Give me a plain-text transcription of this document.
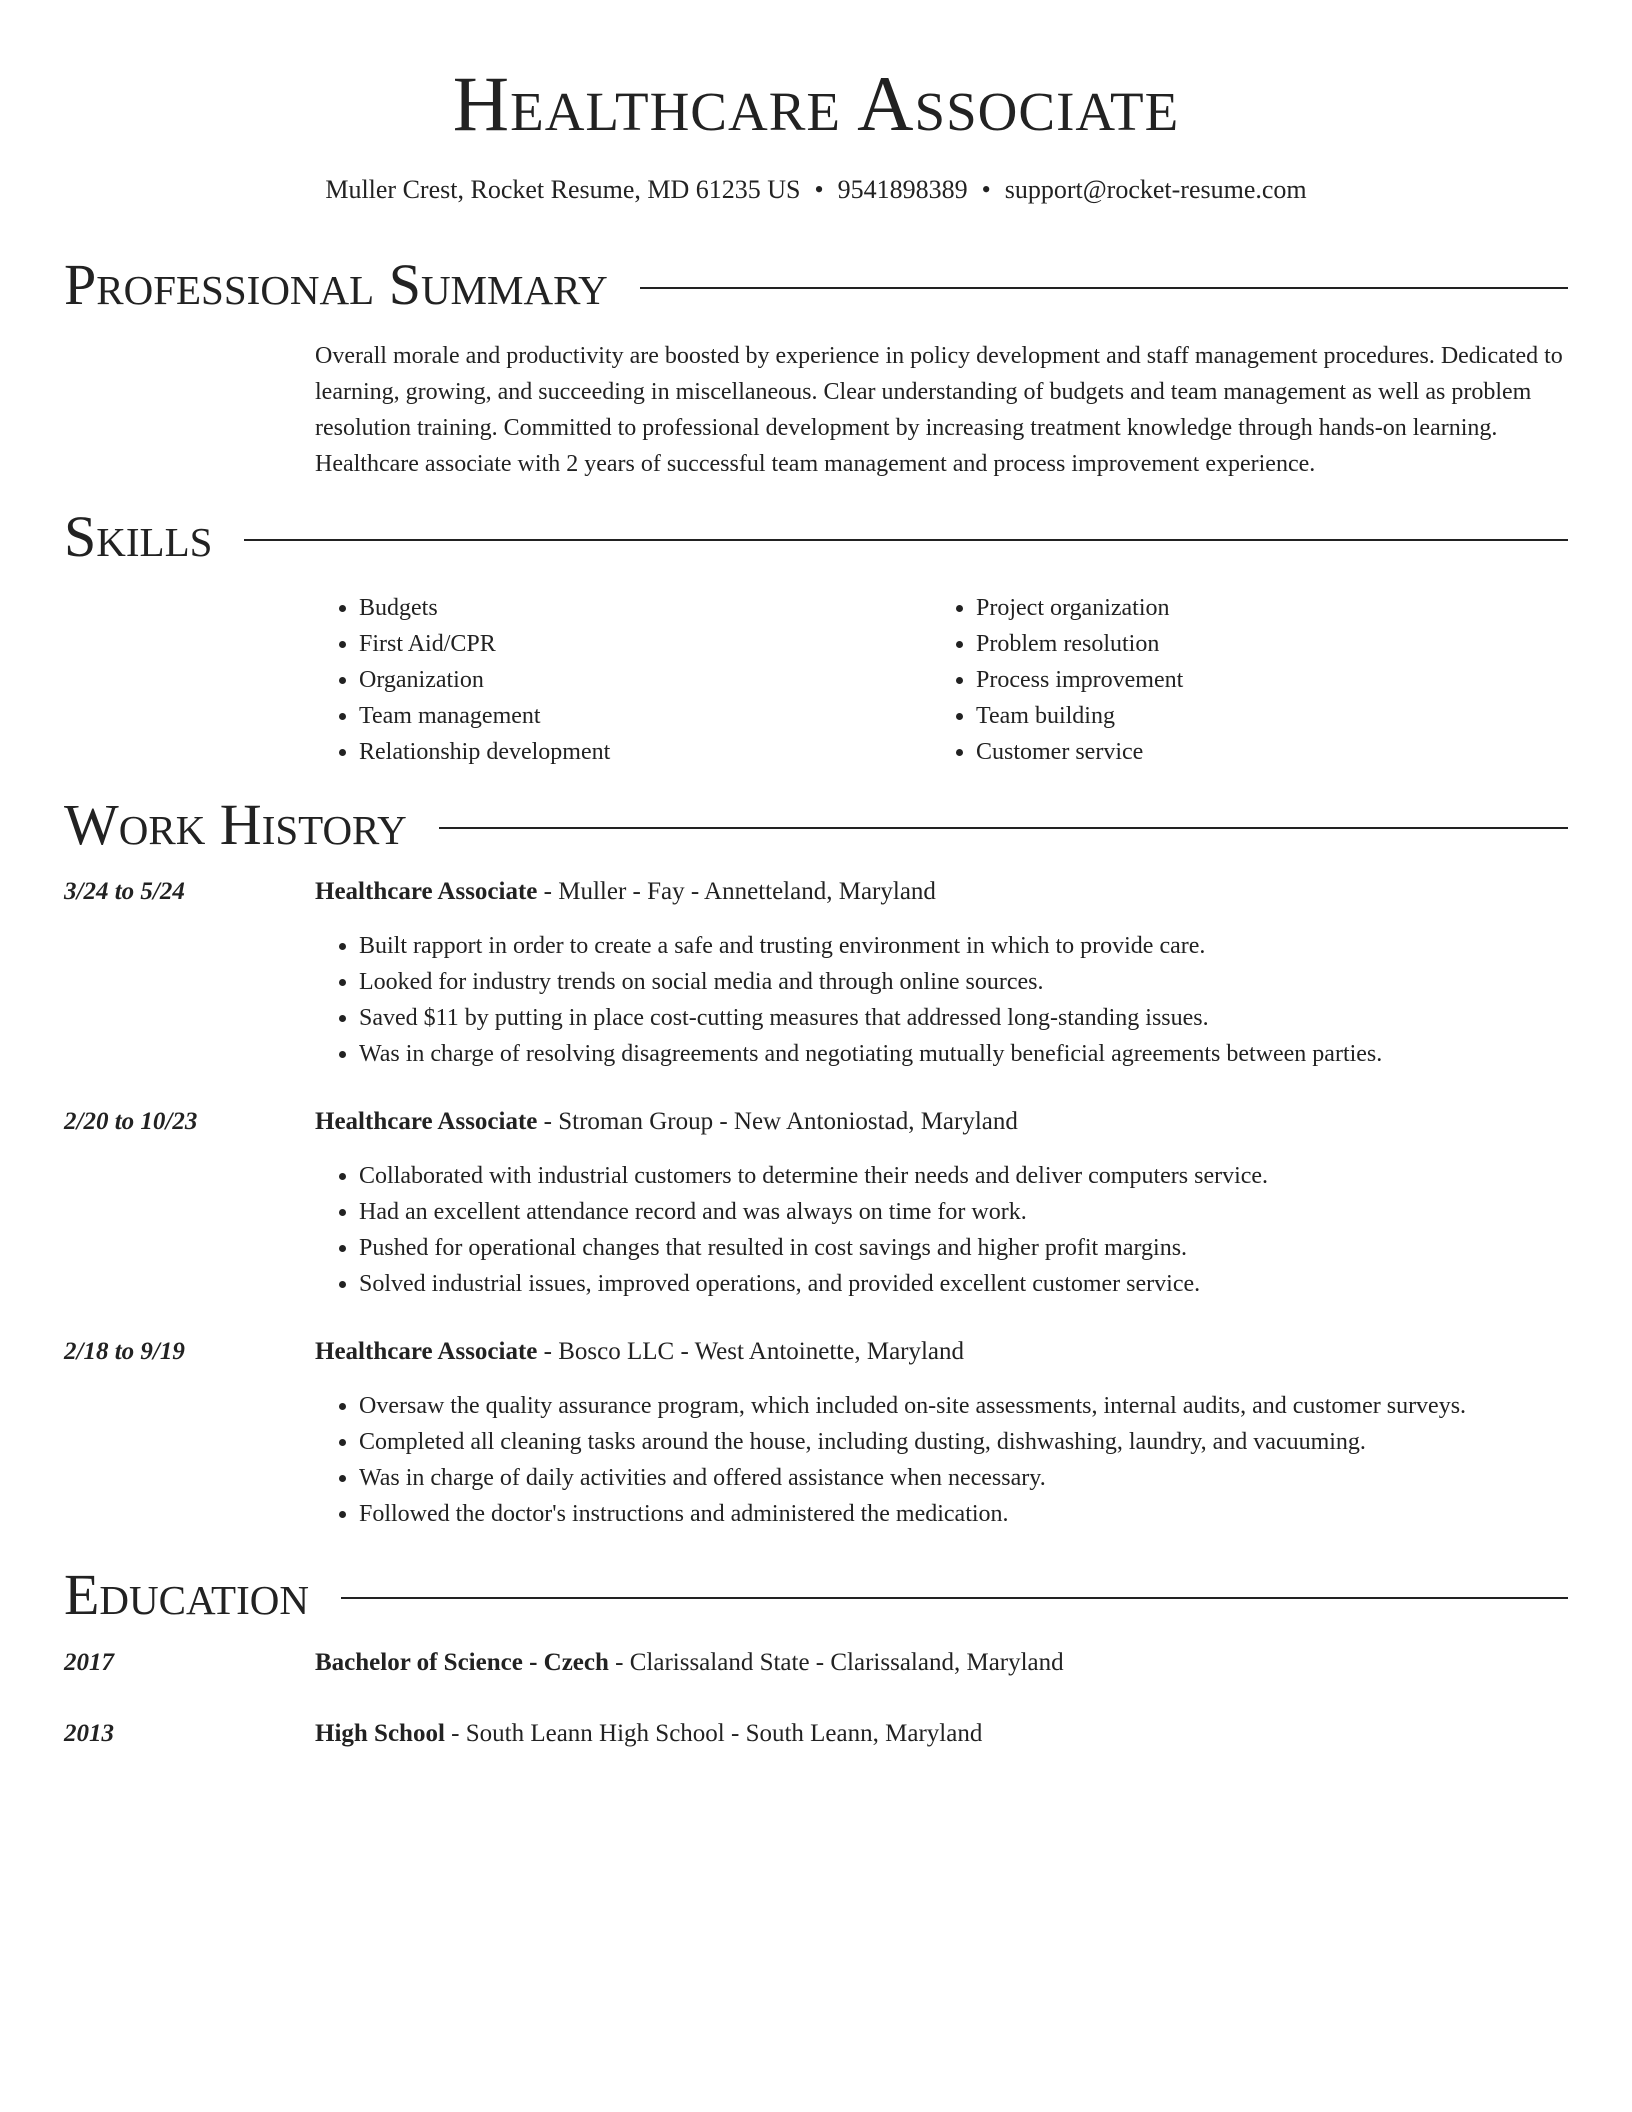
Healthcare Associate
Muller Crest, Rocket Resume, MD 61235 US • 9541898389 • support@rocket-resume.com
Professional Summary

Overall morale and productivity are boosted by experience in policy development and staff management procedures. Dedicated to learning, growing, and succeeding in miscellaneous. Clear understanding of budgets and team management as well as problem resolution training. Committed to professional development by increasing treatment knowledge through hands-on learning. Healthcare associate with 2 years of successful team management and process improvement experience.

Skills
• Budgets
• First Aid/CPR
• Organization
• Team management
• Relationship development
• Project organization
• Problem resolution
• Process improvement
• Team building
• Customer service
Work History
3/24 to 5/24	Healthcare Associate - Muller - Fay - Annetteland, Maryland
• Built rapport in order to create a safe and trusting environment in which to provide care.
• Looked for industry trends on social media and through online sources.
• Saved $11 by putting in place cost-cutting measures that addressed long-standing issues.
• Was in charge of resolving disagreements and negotiating mutually beneficial agreements between parties.
2/20 to 10/23	Healthcare Associate - Stroman Group - New Antoniostad, Maryland
• Collaborated with industrial customers to determine their needs and deliver computers service.
• Had an excellent attendance record and was always on time for work.
• Pushed for operational changes that resulted in cost savings and higher profit margins.
• Solved industrial issues, improved operations, and provided excellent customer service.
2/18 to 9/19	Healthcare Associate - Bosco LLC - West Antoinette, Maryland
• Oversaw the quality assurance program, which included on-site assessments, internal audits, and customer surveys.
• Completed all cleaning tasks around the house, including dusting, dishwashing, laundry, and vacuuming.
• Was in charge of daily activities and offered assistance when necessary.
• Followed the doctor's instructions and administered the medication.
Education
2017	Bachelor of Science - Czech - Clarissaland State - Clarissaland, Maryland
2013	High School - South Leann High School - South Leann, Maryland
